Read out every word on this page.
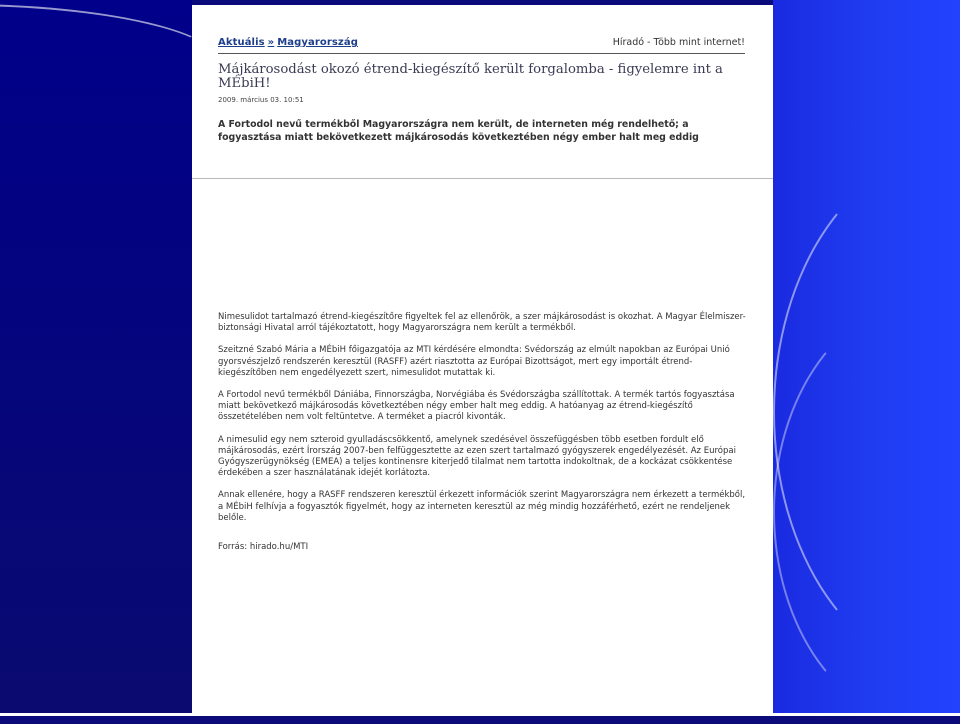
Aktuális » Magyarország	Híradó - Több mint internet!
Májkárosodást okozó étrend-kiegészítő került forgalomba - figyelemre int a MÉbiH!
2009. március 03. 10:51
A Fortodol nevű termékből Magyarországra nem került, de interneten még rendelhető; a fogyasztása miatt bekövetkezett májkárosodás következtében négy ember halt meg eddig

Nimesulidot tartalmazó étrend-kiegészítőre figyeltek fel az ellenőrök, a szer májkárosodást is okozhat. A Magyar Élelmiszer-biztonsági Hivatal arról tájékoztatott, hogy Magyarországra nem került a termékből.

Szeitzné Szabó Mária a MÉbiH főigazgatója az MTI kérdésére elmondta: Svédország az elmúlt napokban az Európai Unió gyorsvészjelző rendszerén keresztül (RASFF) azért riasztotta az Európai Bizottságot, mert egy importált étrend-kiegészítőben nem engedélyezett szert, nimesulidot mutattak ki.

A Fortodol nevű termékből Dániába, Finnországba, Norvégiába és Svédországba szállítottak. A termék tartós fogyasztása miatt bekövetkező májkárosodás következtében négy ember halt meg eddig. A hatóanyag az étrend-kiegészítő összetételében nem volt feltüntetve. A terméket a piacról kivonták.

A nimesulid egy nem szteroid gyulladáscsökkentő, amelynek szedésével összefüggésben több esetben fordult elő májkárosodás, ezért Írország 2007-ben felfüggesztette az ezen szert tartalmazó gyógyszerek engedélyezését. Az Európai Gyógyszerügynökség (EMEA) a teljes kontinensre kiterjedő tilalmat nem tartotta indokoltnak, de a kockázat csökkentése érdekében a szer használatának idejét korlátozta.

Annak ellenére, hogy a RASFF rendszeren keresztül érkezett információk szerint Magyarországra nem érkezett a termékből, a MÉbiH felhívja a fogyasztók figyelmét, hogy az interneten keresztül az még mindig hozzáférhető, ezért ne rendeljenek belőle.

Forrás: hirado.hu/MTI
